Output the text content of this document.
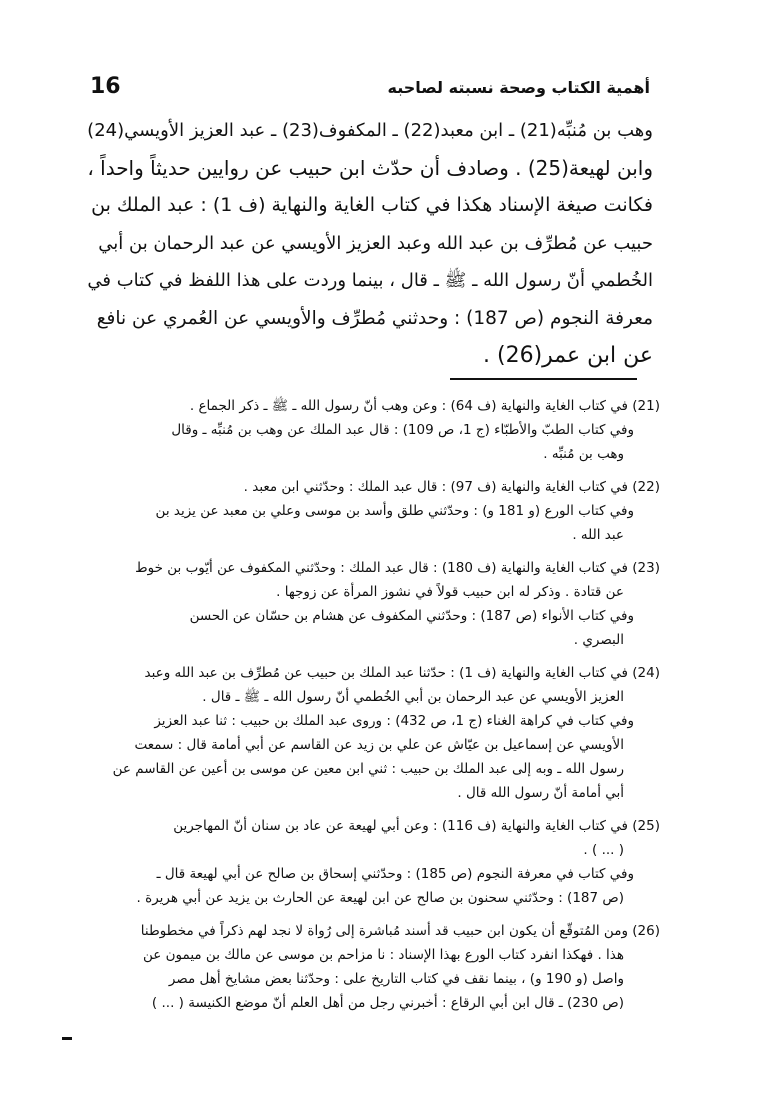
16	أهمية الكتاب وصحة نسبته لصاحبه
وهب بن مُنبِّه(21) ـ ابن معبد(22) ـ المكفوف(23) ـ عبد العزيز الأويسي(24)
وابن لهيعة(25) . وصادف أن حدّث ابن حبيب عن روايين حديثاً واحداً ،
فكانت صيغة الإسناد هكذا في كتاب الغاية والنهاية (ف 1) : عبد الملك بن
حبيب عن مُطرِّف بن عبد الله وعبد العزيز الأويسي عن عبد الرحمان بن أبي
الخُطمي أنّ رسول الله ـ ﷺ ـ قال ، بينما وردت على هذا اللفظ في كتاب في
معرفة النجوم (ص 187) : وحدثني مُطرِّف والأويسي عن العُمري عن نافع
عن ابن عمر(26) .
(21) في كتاب الغاية والنهاية (ف 64) : وعن وهب أنّ رسول الله ـ ﷺ ـ ذكر الجماع .
وفي كتاب الطبّ والأطبّاء (ج 1، ص 109) : قال عبد الملك عن وهب بن مُنبِّه ـ وقال
وهب بن مُنبِّه .
(22) في كتاب الغاية والنهاية (ف 97) : قال عبد الملك : وحدّثني ابن معبد .
وفي كتاب الورع (و 181 و) : وحدّثني طلق وأسد بن موسى وعلي بن معبد عن يزيد بن
عبد الله .
(23) في كتاب الغاية والنهاية (ف 180) : قال عبد الملك : وحدّثني المكفوف عن أيّوب بن خوط
عن قتادة . وذكر له ابن حبيب قولاً في نشوز المرأة عن زوجها .
وفي كتاب الأنواء (ص 187) : وحدّثني المكفوف عن هشام بن حسّان عن الحسن
البصري .
(24) في كتاب الغاية والنهاية (ف 1) : حدّثنا عبد الملك بن حبيب عن مُطرِّف بن عبد الله وعبد
العزيز الأويسي عن عبد الرحمان بن أبي الخُطمي أنّ رسول الله ـ ﷺ ـ قال .
وفي كتاب في كراهة الغناء (ج 1، ص 432) : وروى عبد الملك بن حبيب : ثنا عبد العزيز
الأويسي عن إسماعيل بن عيّاش عن علي بن زيد عن القاسم عن أبي أمامة قال : سمعت
رسول الله ـ وبه إلى عبد الملك بن حبيب : ثني ابن معين عن موسى بن أعين عن القاسم عن
أبي أمامة أنّ رسول الله قال .
(25) في كتاب الغاية والنهاية (ف 116) : وعن أبي لهيعة عن عاد بن سنان أنّ المهاجرين
( ... ) .
وفي كتاب في معرفة النجوم (ص 185) : وحدّثني إسحاق بن صالح عن أبي لهيعة قال ـ
(ص 187) : وحدّثني سحنون بن صالح عن ابن لهيعة عن الحارث بن يزيد عن أبي هريرة .
(26) ومن المُتوقّع أن يكون ابن حبيب قد أسند مُباشرة إلى رُواة لا نجد لهم ذكراً في مخطوطنا
هذا . فهكذا انفرد كتاب الورع بهذا الإسناد : نا مزاحم بن موسى عن مالك بن ميمون عن
واصل (و 190 و) ، بينما نقف في كتاب التاريخ على : وحدّثنا بعض مشايخ أهل مصر
(ص 230) ـ قال ابن أبي الرقاع : أخبرني رجل من أهل العلم أنّ موضع الكنيسة ( ... )
